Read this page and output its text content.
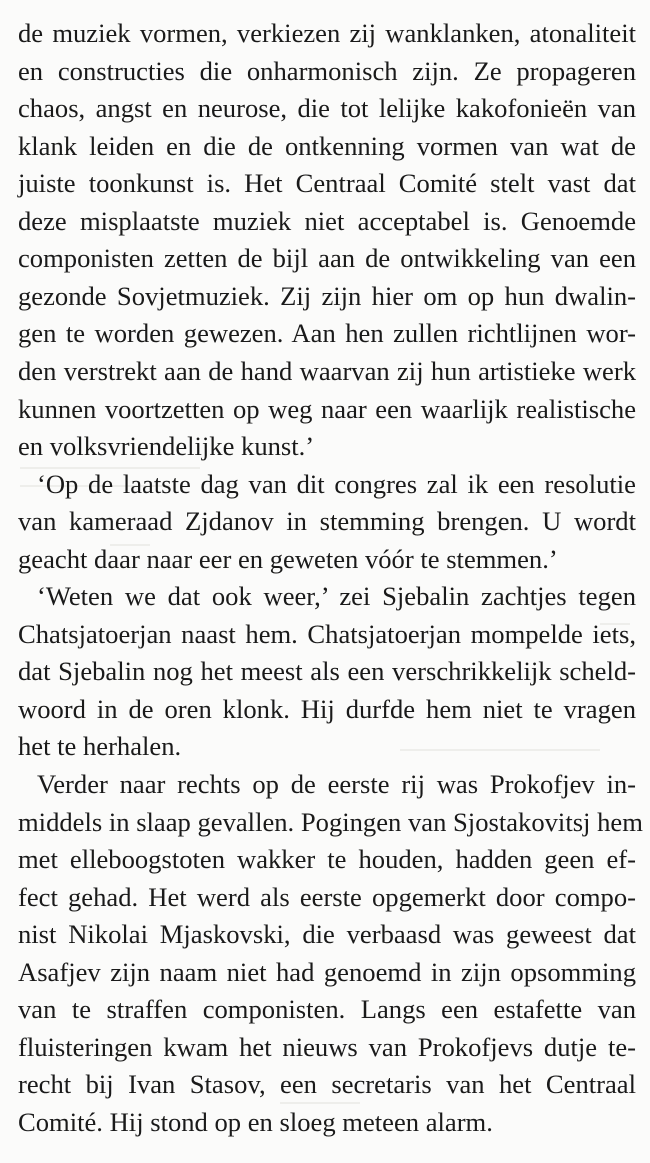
de muziek vormen, verkiezen zij wanklanken, atonaliteit
en constructies die onharmonisch zijn. Ze propageren
chaos, angst en neurose, die tot lelijke kakofonieën van
klank leiden en die de ontkenning vormen van wat de
juiste toonkunst is. Het Centraal Comité stelt vast dat
deze misplaatste muziek niet acceptabel is. Genoemde
componisten zetten de bijl aan de ontwikkeling van een
gezonde Sovjetmuziek. Zij zijn hier om op hun dwalin-
gen te worden gewezen. Aan hen zullen richtlijnen wor-
den verstrekt aan de hand waarvan zij hun artistieke werk
kunnen voortzetten op weg naar een waarlijk realistische
en volksvriendelijke kunst.’
‘Op de laatste dag van dit congres zal ik een resolutie
van kameraad Zjdanov in stemming brengen. U wordt
geacht daar naar eer en geweten vóór te stemmen.’
‘Weten we dat ook weer,’ zei Sjebalin zachtjes tegen
Chatsjatoerjan naast hem. Chatsjatoerjan mompelde iets,
dat Sjebalin nog het meest als een verschrikkelijk scheld-
woord in de oren klonk. Hij durfde hem niet te vragen
het te herhalen.
Verder naar rechts op de eerste rij was Prokofjev in-
middels in slaap gevallen. Pogingen van Sjostakovitsj hem
met elleboogstoten wakker te houden, hadden geen ef-
fect gehad. Het werd als eerste opgemerkt door compo-
nist Nikolai Mjaskovski, die verbaasd was geweest dat
Asafjev zijn naam niet had genoemd in zijn opsomming
van te straffen componisten. Langs een estafette van
fluisteringen kwam het nieuws van Prokofjevs dutje te-
recht bij Ivan Stasov, een secretaris van het Centraal
Comité. Hij stond op en sloeg meteen alarm.
